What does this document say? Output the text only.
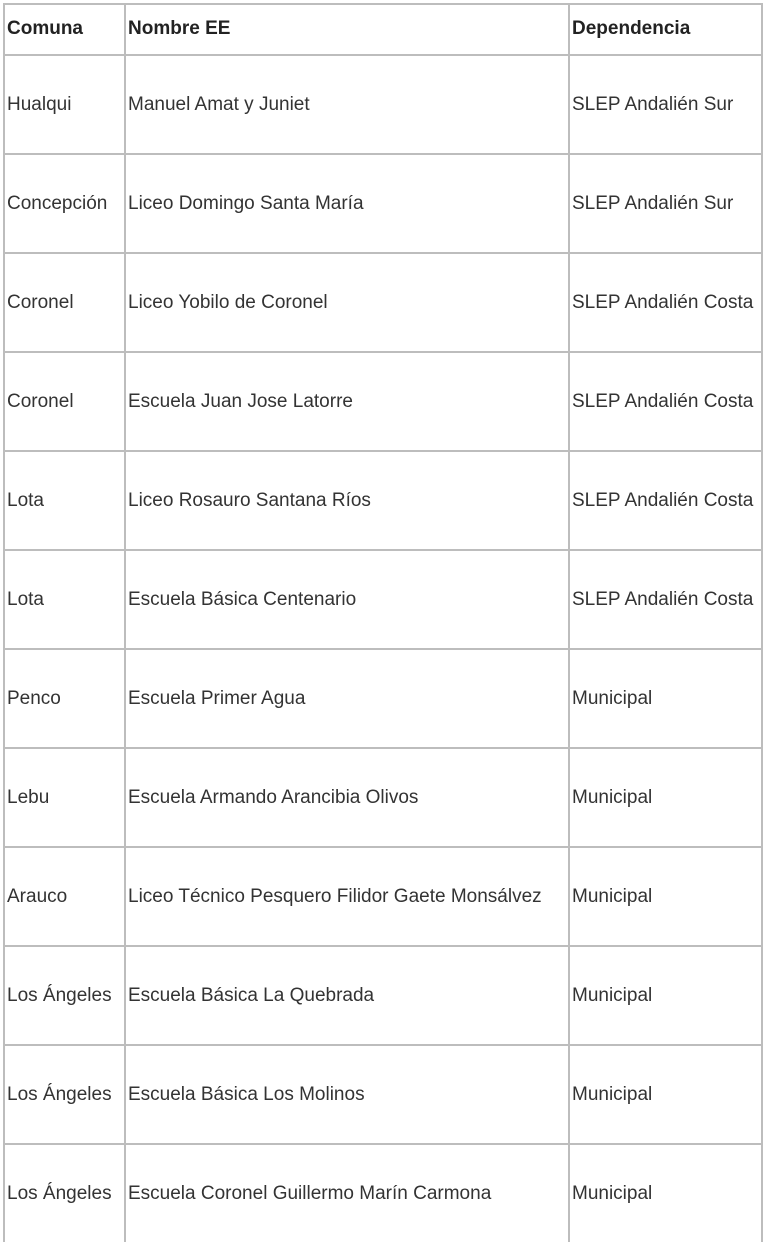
Comuna	Nombre EE	Dependencia
Hualqui	Manuel Amat y Juniet	SLEP Andalién Sur
Concepción	Liceo Domingo Santa María	SLEP Andalién Sur
Coronel	Liceo Yobilo de Coronel	SLEP Andalién Costa
Coronel	Escuela Juan Jose Latorre	SLEP Andalién Costa
Lota	Liceo Rosauro Santana Ríos	SLEP Andalién Costa
Lota	Escuela Básica Centenario	SLEP Andalién Costa
Penco	Escuela Primer Agua	Municipal
Lebu	Escuela Armando Arancibia Olivos	Municipal
Arauco	Liceo Técnico Pesquero Filidor Gaete Monsálvez	Municipal
Los Ángeles	Escuela Básica La Quebrada	Municipal
Los Ángeles	Escuela Básica Los Molinos	Municipal
Los Ángeles	Escuela Coronel Guillermo Marín Carmona	Municipal
